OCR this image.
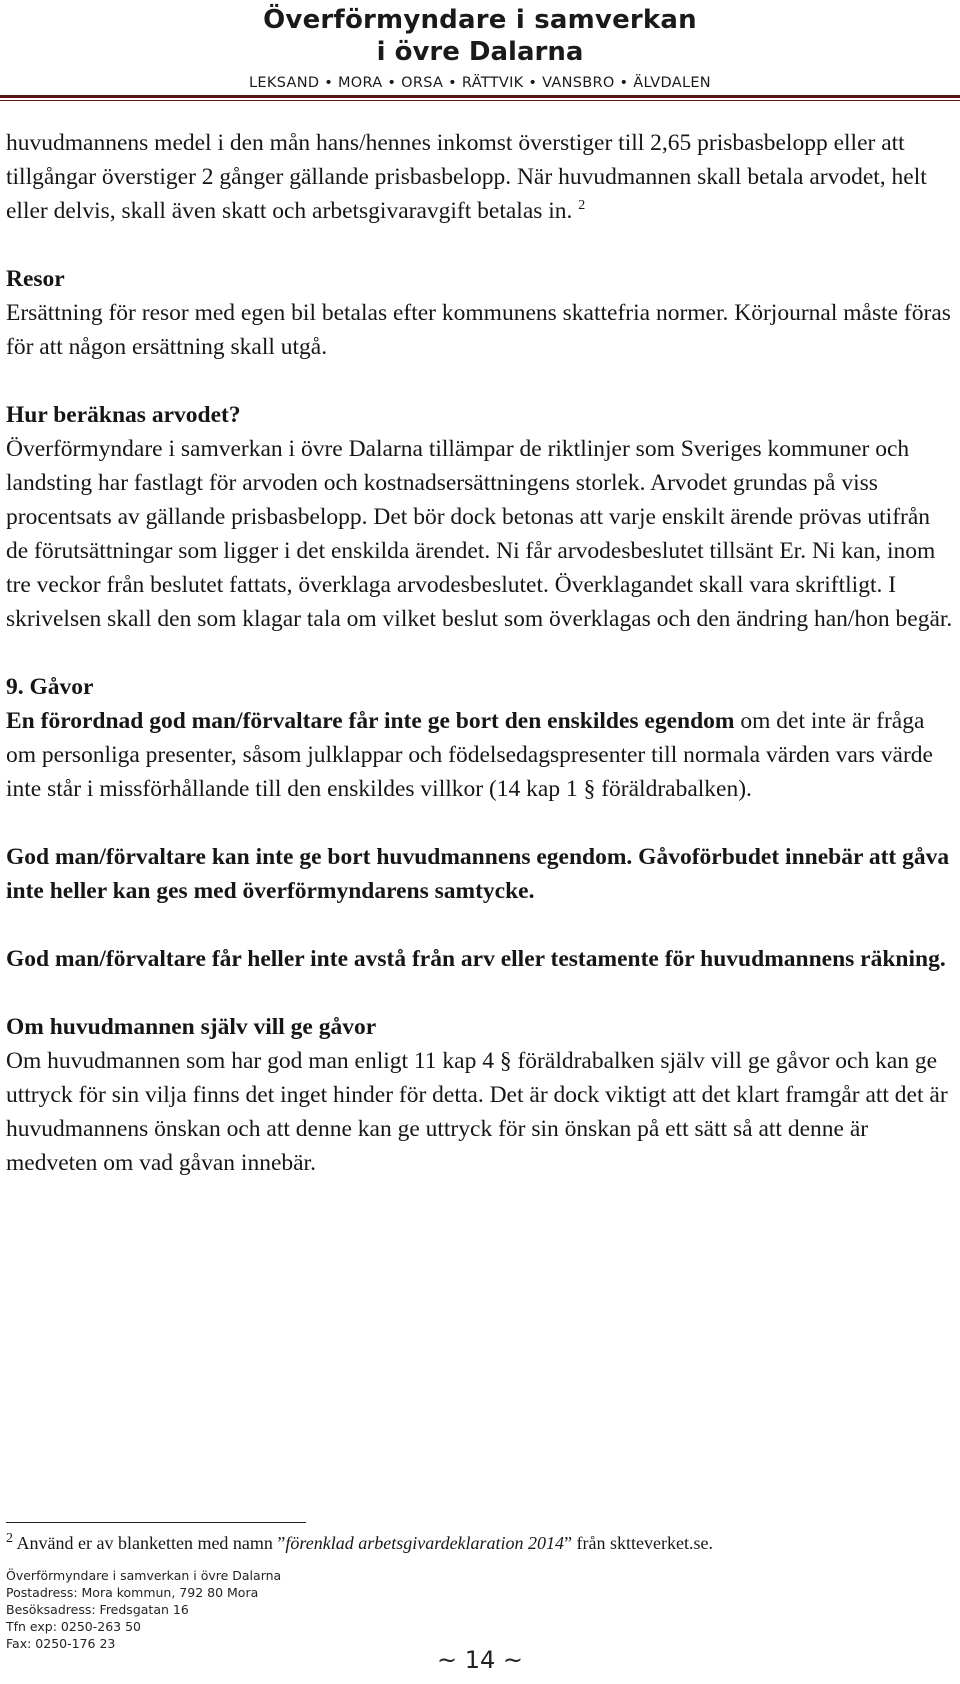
Överförmyndare i samverkan
i övre Dalarna
LEKSAND • MORA • ORSA • RÄTTVIK • VANSBRO • ÄLVDALEN

huvudmannens medel i den mån hans/hennes inkomst överstiger till 2,65 prisbasbelopp eller att tillgångar överstiger 2 gånger gällande prisbasbelopp. När huvudmannen skall betala arvodet, helt eller delvis, skall även skatt och arbetsgivaravgift betalas in. $^2$

Resor

Ersättning för resor med egen bil betalas efter kommunens skattefria normer. Körjournal måste föras för att någon ersättning skall utgå.

Hur beräknas arvodet?

Överförmyndare i samverkan i övre Dalarna tillämpar de riktlinjer som Sveriges kommuner och landsting har fastlagt för arvoden och kostnadsersättningens storlek. Arvodet grundas på viss procentsats av gällande prisbasbelopp. Det bör dock betonas att varje enskilt ärende prövas utifrån de förutsättningar som ligger i det enskilda ärendet. Ni får arvodesbeslutet tillsänt Er. Ni kan, inom tre veckor från beslutet fattats, överklaga arvodesbeslutet. Överklagandet skall vara skriftligt. I skrivelsen skall den som klagar tala om vilket beslut som överklagas och den ändring han/hon begär.

9. Gåvor

En förordnad god man/förvaltare får inte ge bort den enskildes egendom om det inte är fråga om personliga presenter, såsom julklappar och födelsedagspresenter till normala värden vars värde inte står i missförhållande till den enskildes villkor (14 kap 1 § föräldrabalken).

God man/förvaltare kan inte ge bort huvudmannens egendom. Gåvoförbudet innebär att gåva inte heller kan ges med överförmyndarens samtycke.

God man/förvaltare får heller inte avstå från arv eller testamente för huvudmannens räkning.

Om huvudmannen själv vill ge gåvor

Om huvudmannen som har god man enligt 11 kap 4 § föräldrabalken själv vill ge gåvor och kan ge uttryck för sin vilja finns det inget hinder för detta. Det är dock viktigt att det klart framgår att det är huvudmannens önskan och att denne kan ge uttryck för sin önskan på ett sätt så att denne är medveten om vad gåvan innebär.

$^2$ Använd er av blanketten med namn ”förenklad arbetsgivardeklaration 2014” från sktteverket.se.
Överförmyndare i samverkan i övre Dalarna
Postadress: Mora kommun, 792 80 Mora
Besöksadress: Fredsgatan 16
Tfn exp: 0250-263 50
Fax: 0250-176 23
~ 14 ~
